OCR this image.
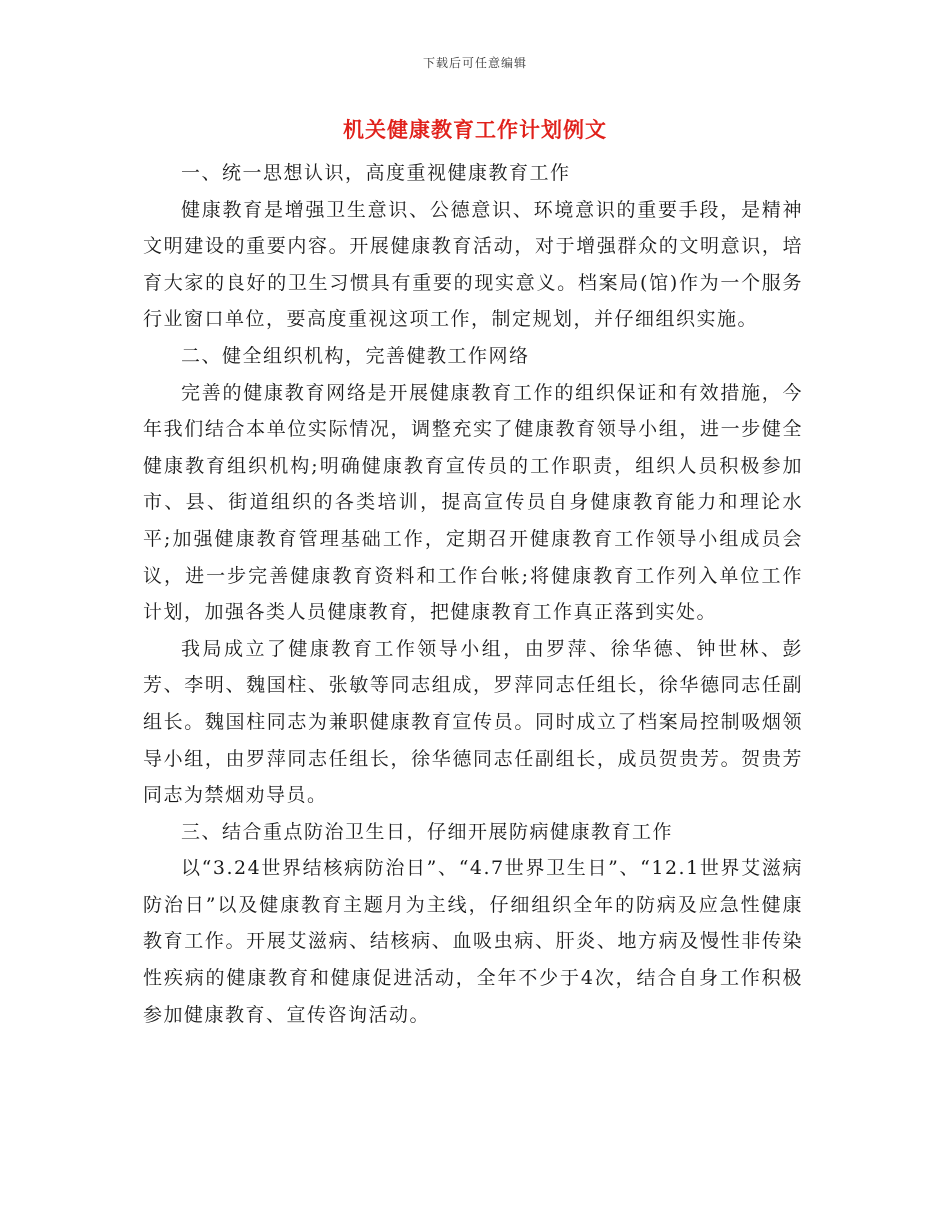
下载后可任意编辑
机关健康教育工作计划例文

一、统一思想认识，高度重视健康教育工作

健康教育是增强卫生意识、公德意识、环境意识的重要手段，是精神文明建设的重要内容。开展健康教育活动，对于增强群众的文明意识，培育大家的良好的卫生习惯具有重要的现实意义。档案局(馆)作为一个服务行业窗口单位，要高度重视这项工作，制定规划，并仔细组织实施。

二、健全组织机构，完善健教工作网络

完善的健康教育网络是开展健康教育工作的组织保证和有效措施，今年我们结合本单位实际情况，调整充实了健康教育领导小组，进一步健全健康教育组织机构;明确健康教育宣传员的工作职责，组织人员积极参加市、县、街道组织的各类培训，提高宣传员自身健康教育能力和理论水平;加强健康教育管理基础工作，定期召开健康教育工作领导小组成员会议，进一步完善健康教育资料和工作台帐;将健康教育工作列入单位工作计划，加强各类人员健康教育，把健康教育工作真正落到实处。

我局成立了健康教育工作领导小组，由罗萍、徐华德、钟世林、彭芳、李明、魏国柱、张敏等同志组成，罗萍同志任组长，徐华德同志任副组长。魏国柱同志为兼职健康教育宣传员。同时成立了档案局控制吸烟领导小组，由罗萍同志任组长，徐华德同志任副组长，成员贺贵芳。贺贵芳同志为禁烟劝导员。

三、结合重点防治卫生日，仔细开展防病健康教育工作

以“3.24世界结核病防治日”、“4.7世界卫生日”、“12.1世界艾滋病防治日”以及健康教育主题月为主线，仔细组织全年的防病及应急性健康教育工作。开展艾滋病、结核病、血吸虫病、肝炎、地方病及慢性非传染性疾病的健康教育和健康促进活动，全年不少于4次，结合自身工作积极参加健康教育、宣传咨询活动。
